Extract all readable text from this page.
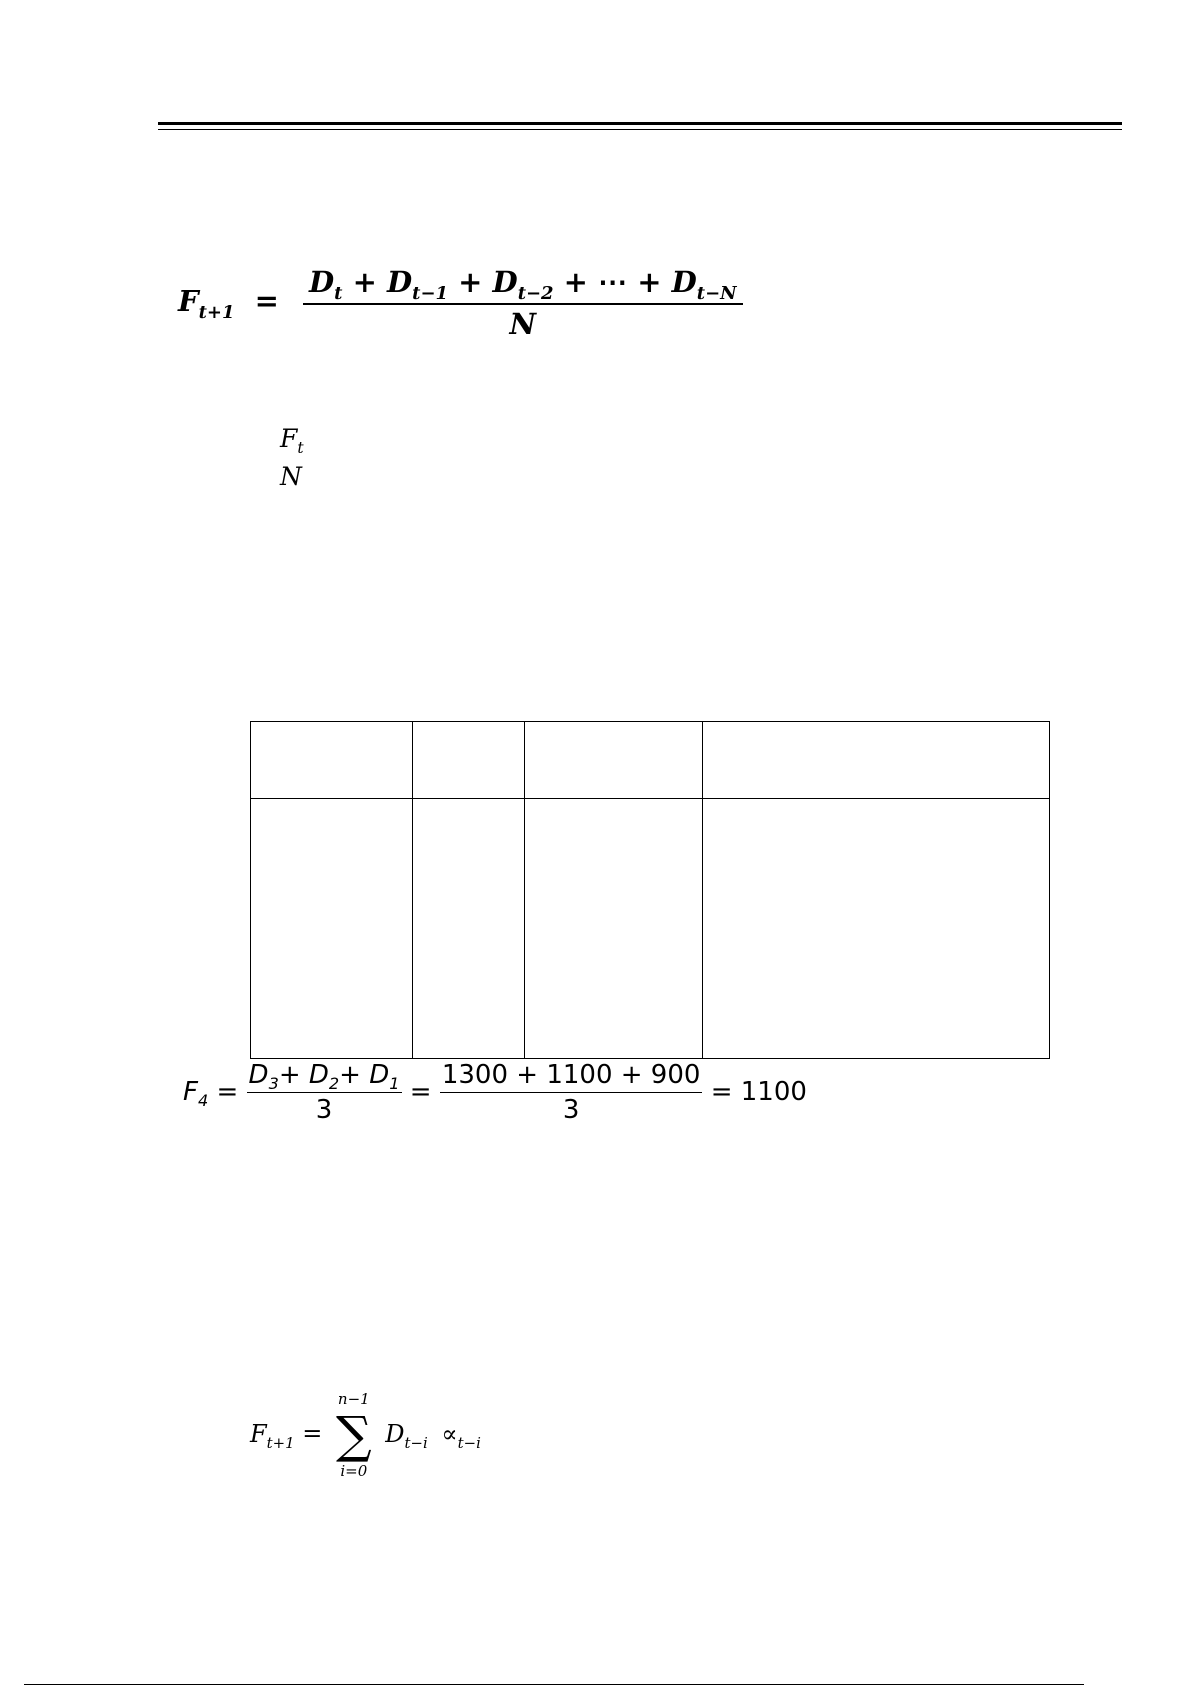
$F_{t+1}$ =
$D_t + D_{t-1} + D_{t-2}$ + ⋯ + $D_{t-N}$
N
$F_t$
N

$F_4 = \frac{D_3+ D_2+ D_1}{3} = \frac{1300 + 1100 + 900}{3} = 1100$
$F_{t+1}$ =
n−1
∑
i=0
$D_{t-i} \propto_{t-i}$
